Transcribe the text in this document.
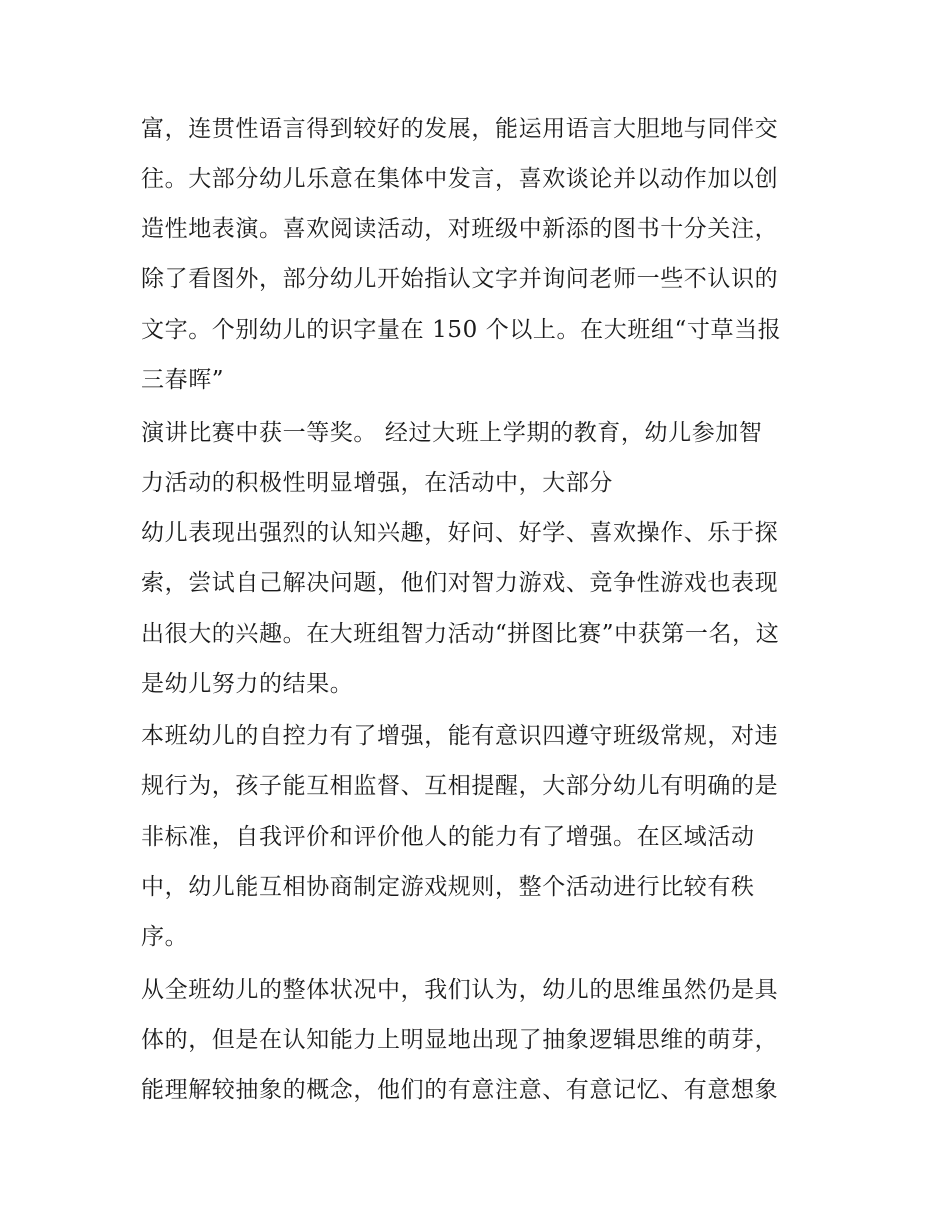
富，连贯性语言得到较好的发展，能运用语言大胆地与同伴交
往。大部分幼儿乐意在集体中发言，喜欢谈论并以动作加以创
造性地表演。喜欢阅读活动，对班级中新添的图书十分关注，
除了看图外，部分幼儿开始指认文字并询问老师一些不认识的
文字。个别幼儿的识字量在 150 个以上。在大班组“寸草当报
三春晖”
演讲比赛中获一等奖。 经过大班上学期的教育，幼儿参加智
力活动的积极性明显增强，在活动中，大部分
幼儿表现出强烈的认知兴趣，好问、好学、喜欢操作、乐于探
索，尝试自己解决问题，他们对智力游戏、竞争性游戏也表现
出很大的兴趣。在大班组智力活动“拼图比赛”中获第一名，这
是幼儿努力的结果。
本班幼儿的自控力有了增强，能有意识四遵守班级常规，对违
规行为，孩子能互相监督、互相提醒，大部分幼儿有明确的是
非标准，自我评价和评价他人的能力有了增强。在区域活动
中，幼儿能互相协商制定游戏规则，整个活动进行比较有秩
序。
从全班幼儿的整体状况中，我们认为，幼儿的思维虽然仍是具
体的，但是在认知能力上明显地出现了抽象逻辑思维的萌芽，
能理解较抽象的概念，他们的有意注意、有意记忆、有意想象
